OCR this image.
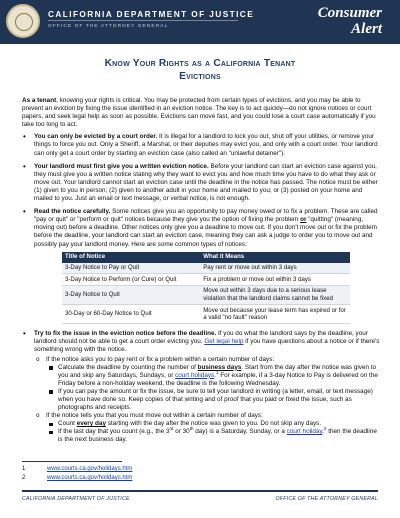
CALIFORNIA DEPARTMENT OF JUSTICE
OFFICE OF THE ATTORNEY GENERAL
Consumer
Alert
Know Your Rights as a California Tenant
Evictions

As a tenant, knowing your rights is critical. You may be protected from certain types of evictions, and you may be able to prevent an eviction by fixing the issue identified in an eviction notice. The key is to act quickly—do not ignore notices or court papers, and seek legal help as soon as possible. Evictions can move fast, and you could lose a court case automatically if you take too long to act.

• You can only be evicted by a court order. It is illegal for a landlord to lock you out, shut off your utilities, or remove your things to force you out. Only a Sheriff, a Marshal, or their deputies may evict you, and only with a court order. Your landlord can only get a court order by starting an eviction case (also called an "unlawful detainer").
• Your landlord must first give you a written eviction notice. Before your landlord can start an eviction case against you, they must give you a written notice stating why they want to evict you and how much time you have to do what they ask or move out. Your landlord cannot start an eviction case until the deadline in the notice has passed. The notice must be either (1) given to you in person; (2) given to another adult in your home and mailed to you; or (3) posted on your home and mailed to you. Just an email or text message, or verbal notice, is not enough.
• Read the notice carefully. Some notices give you an opportunity to pay money owed or to fix a problem. These are called "pay or quit" or "perform or quit" notices because they give you the option of fixing the problem or "quitting" (meaning, moving out) before a deadline. Other notices only give you a deadline to move out. If you don't move out or fix the problem before the deadline, your landlord can start an eviction case, meaning they can ask a judge to order you to move out and possibly pay your landlord money. Here are some common types of notices:
Title of Notice	What it Means
3-Day Notice to Pay or Quit	Pay rent or move out within 3 days
3-Day Notice to Perform (or Cure) or Quit	Fix a problem or move out within 3 days
3-Day Notice to Quit	Move out within 3 days due to a serious lease violation that the landlord claims cannot be fixed
30-Day or 60-Day Notice to Quit	Move out because your lease term has expired or for a valid "no fault" reason
• Try to fix the issue in the eviction notice before the deadline. If you do what the landlord says by the deadline, your landlord should not be able to get a court order evicting you. Get legal help if you have questions about a notice or if there's something wrong with the notice.
o If the notice asks you to pay rent or fix a problem within a certain number of days:
Calculate the deadline by counting the number of business days. Start from the day after the notice was given to you and skip any Saturdays, Sundays, or court holidays.$^1$ For example, if a 3-day Notice to Pay is delivered on the Friday before a non-holiday weekend, the deadline is the following Wednesday.
If you can pay the amount or fix the issue, be sure to tell your landlord in writing (a letter, email, or text message) when you have done so. Keep copies of that writing and of proof that you paid or fixed the issue, such as photographs and receipts.
o If the notice tells you that you must move out within a certain number of days:
Count every day starting with the day after the notice was given to you. Do not skip any days.
If the last day that you count (e.g., the 3rd or 30th day) is a Saturday, Sunday, or a court holiday,$^2$ then the deadline is the next business day.
1	www.courts.ca.gov/holidays.htm
2	www.courts.ca.gov/holidays.htm
CALIFORNIA DEPARTMENT OF JUSTICE	OFFICE OF THE ATTORNEY GENERAL
